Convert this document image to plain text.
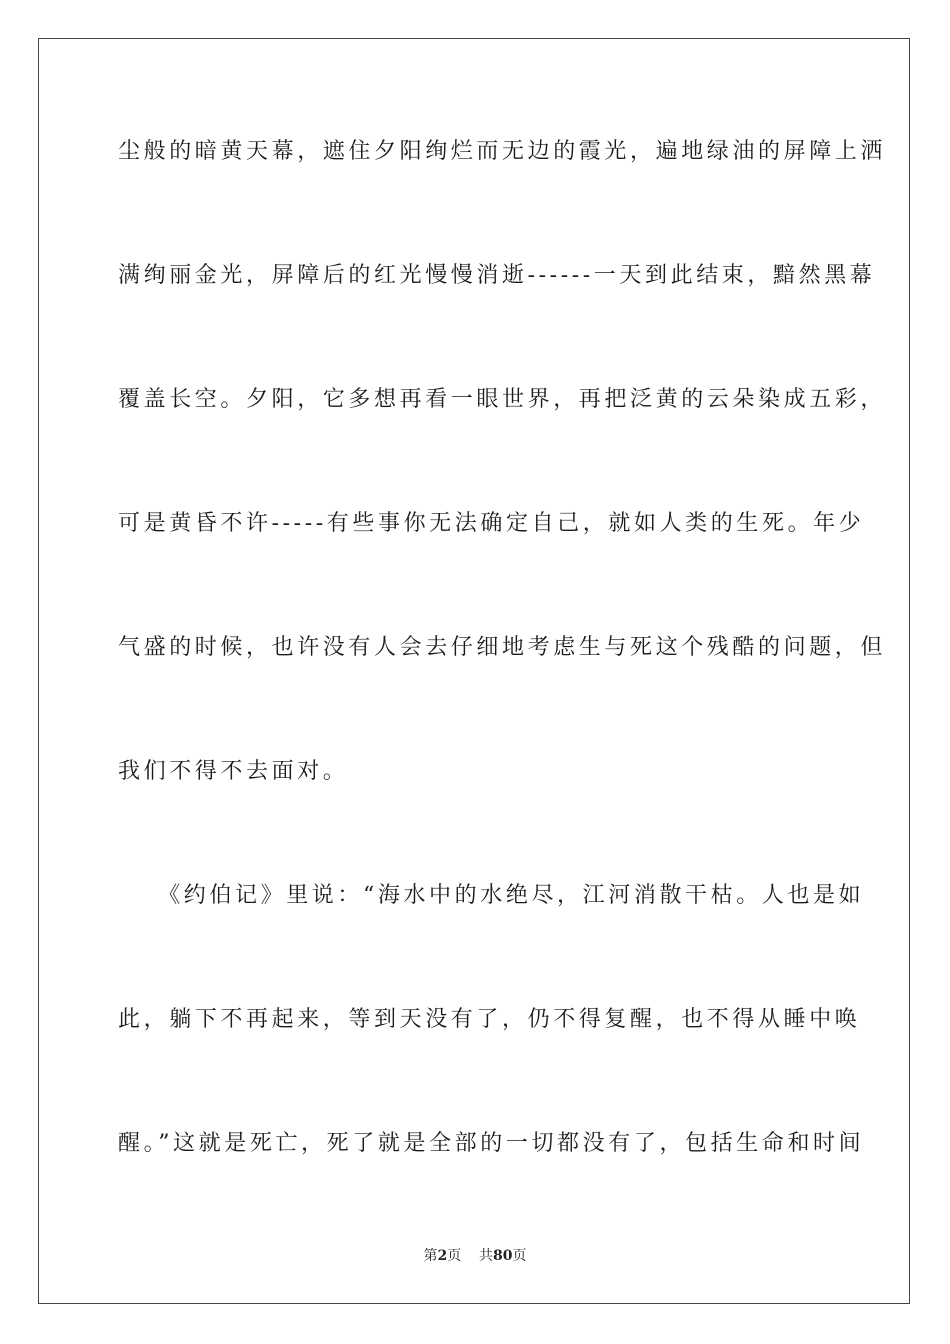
尘般的暗黄天幕，遮住夕阳绚烂而无边的霞光，遍地绿油的屏障上洒
满绚丽金光，屏障后的红光慢慢消逝------一天到此结束，黯然黑幕
覆盖长空。夕阳，它多想再看一眼世界，再把泛黄的云朵染成五彩，
可是黄昏不许-----有些事你无法确定自己，就如人类的生死。年少
气盛的时候，也许没有人会去仔细地考虑生与死这个残酷的问题，但
我们不得不去面对。
　　《约伯记》里说：“海水中的水绝尽，江河消散干枯。人也是如
此，躺下不再起来，等到天没有了，仍不得复醒，也不得从睡中唤
醒。”这就是死亡，死了就是全部的一切都没有了，包括生命和时间
第2页 共80页
